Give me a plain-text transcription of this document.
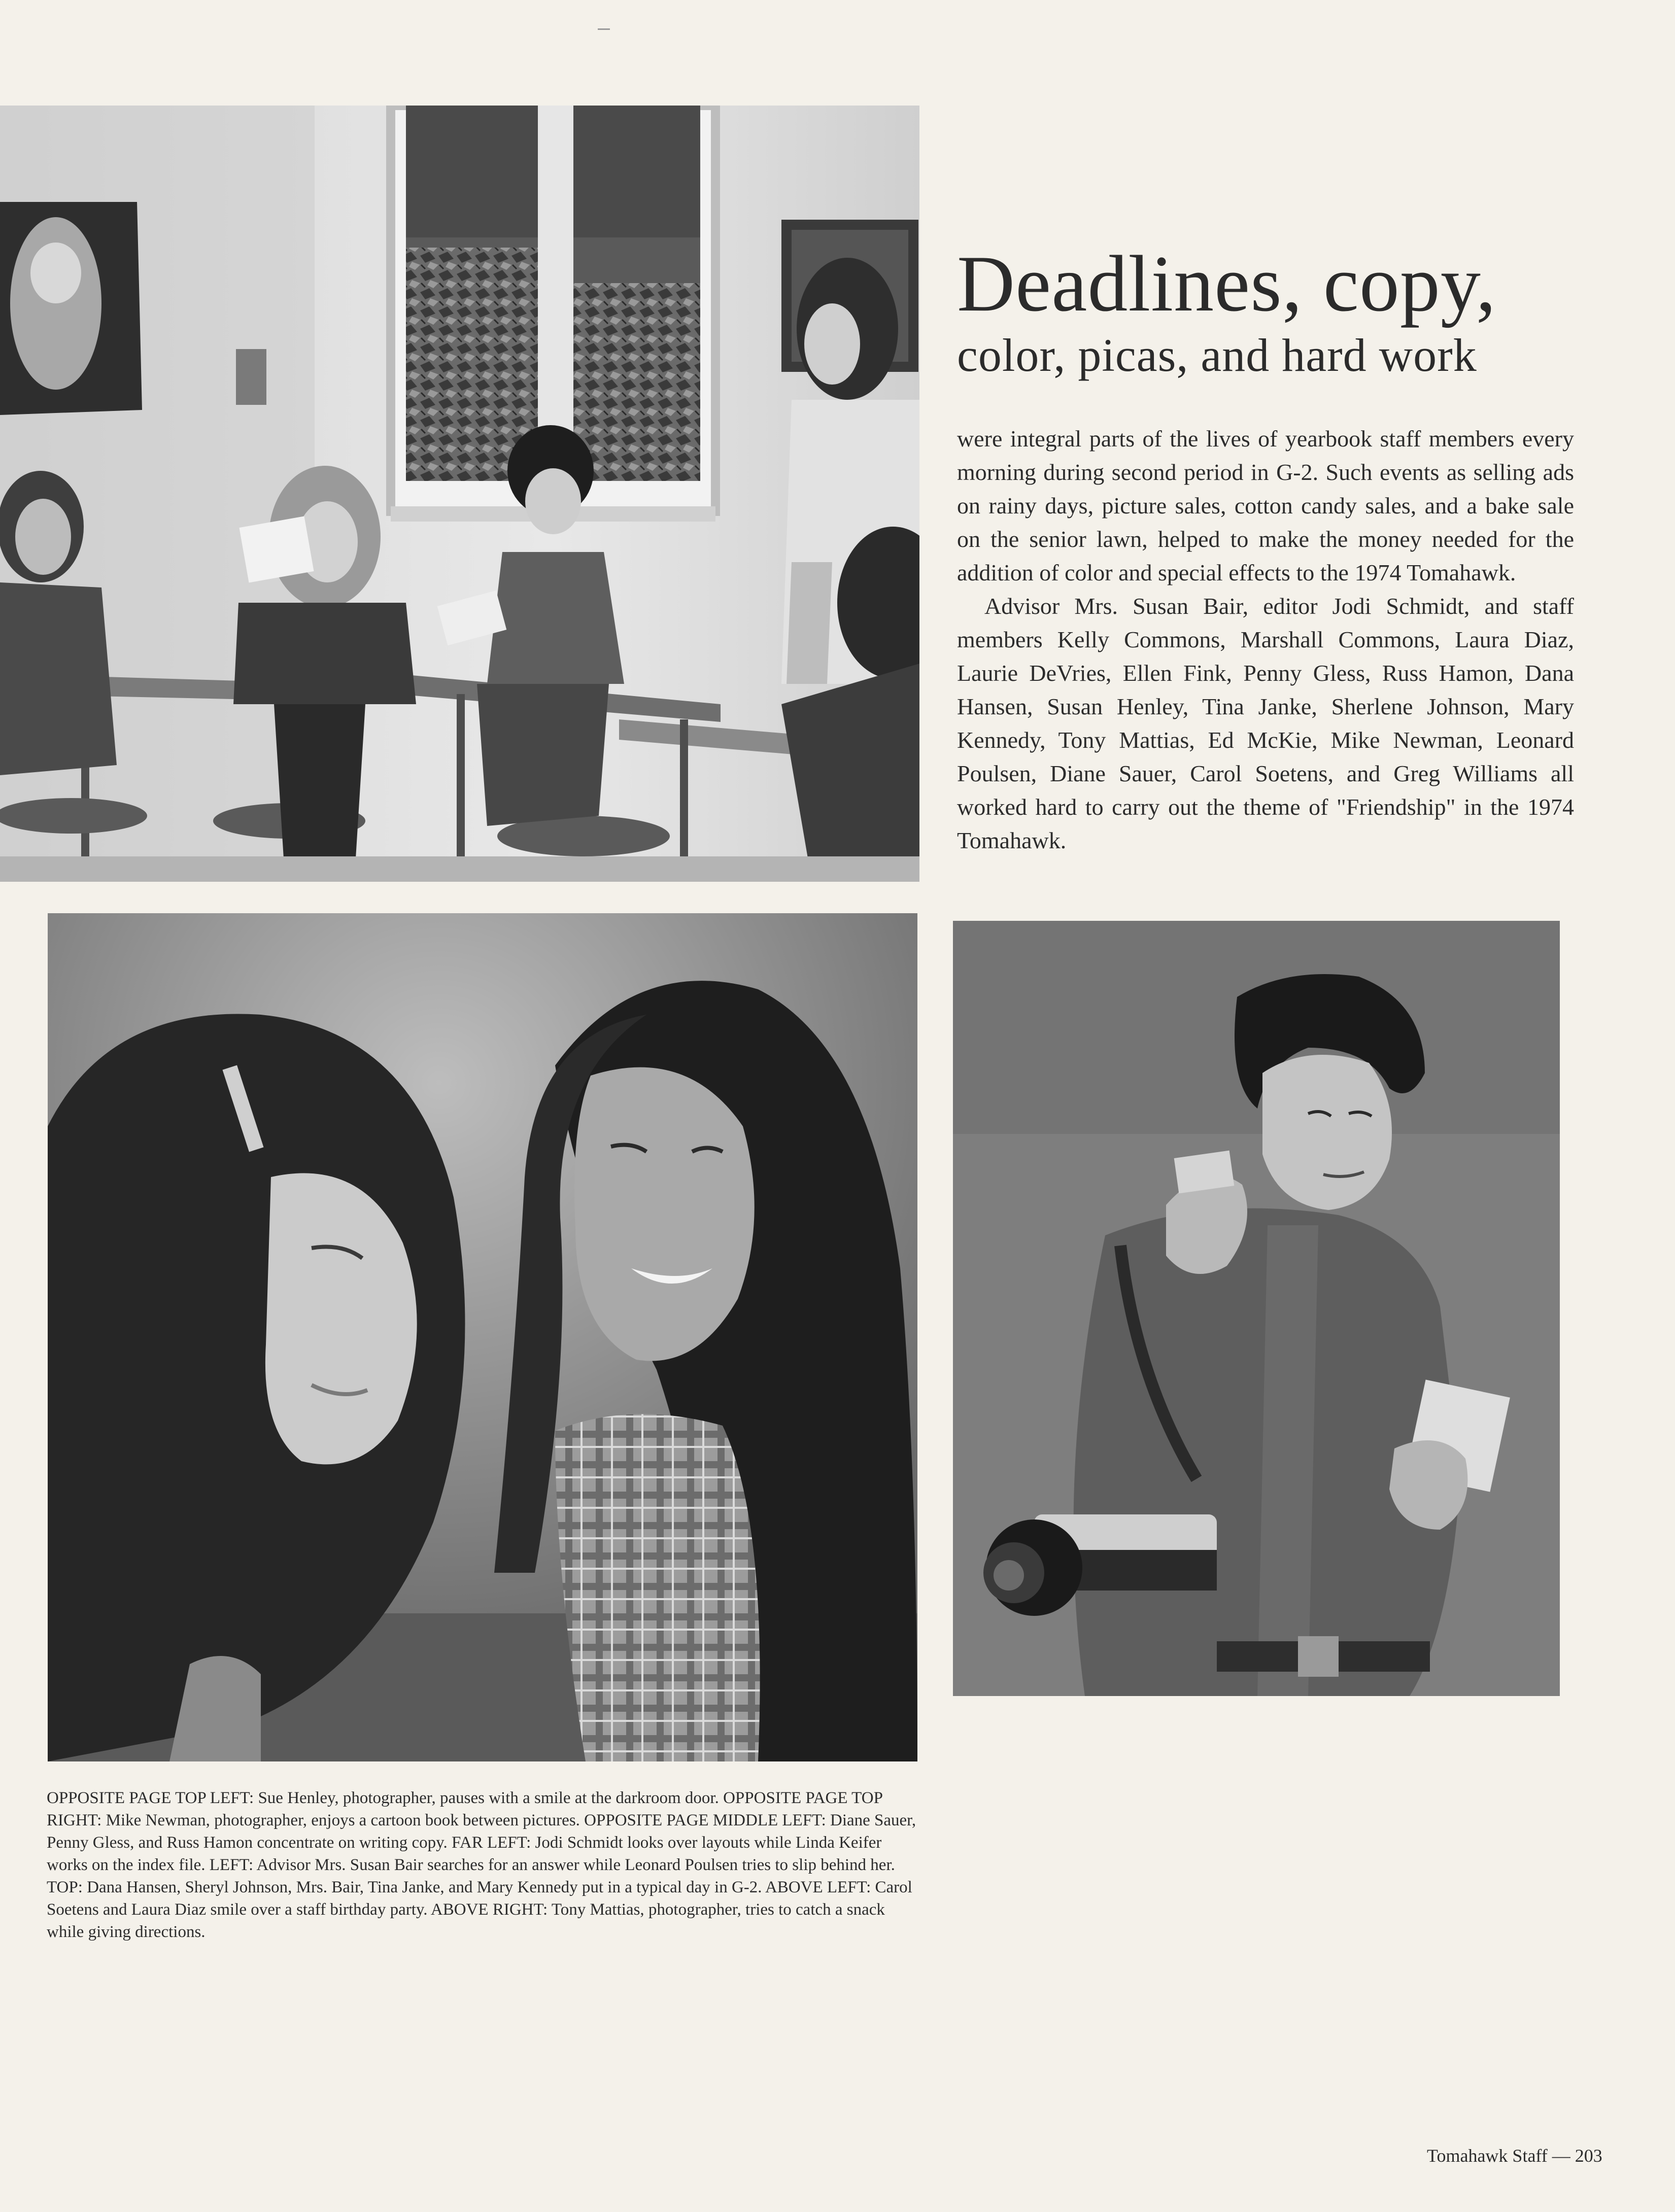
Deadlines, copy,
color, picas, and hard work

were integral parts of the lives of yearbook staff members every morning during second period in G-2. Such events as selling ads on rainy days, picture sales, cotton candy sales, and a bake sale on the senior lawn, helped to make the money needed for the addition of color and special effects to the 1974 Tomahawk.

Advisor Mrs. Susan Bair, editor Jodi Schmidt, and staff members Kelly Commons, Marshall Commons, Laura Diaz, Laurie DeVries, Ellen Fink, Penny Gless, Russ Hamon, Dana Hansen, Susan Henley, Tina Janke, Sherlene Johnson, Mary Kennedy, Tony Mattias, Ed McKie, Mike Newman, Leonard Poulsen, Diane Sauer, Carol Soetens, and Greg Williams all worked hard to carry out the theme of "Friendship" in the 1974 Tomahawk.

OPPOSITE PAGE TOP LEFT: Sue Henley, photographer, pauses with a smile at the darkroom door. OPPOSITE PAGE TOP RIGHT: Mike Newman, photographer, enjoys a cartoon book between pictures. OPPOSITE PAGE MIDDLE LEFT: Diane Sauer, Penny Gless, and Russ Hamon concentrate on writing copy. FAR LEFT: Jodi Schmidt looks over layouts while Linda Keifer works on the index file. LEFT: Advisor Mrs. Susan Bair searches for an answer while Leonard Poulsen tries to slip behind her. TOP: Dana Hansen, Sheryl Johnson, Mrs. Bair, Tina Janke, and Mary Kennedy put in a typical day in G-2. ABOVE LEFT: Carol Soetens and Laura Diaz smile over a staff birthday party. ABOVE RIGHT: Tony Mattias, photographer, tries to catch a snack while giving directions.
Tomahawk Staff — 203
